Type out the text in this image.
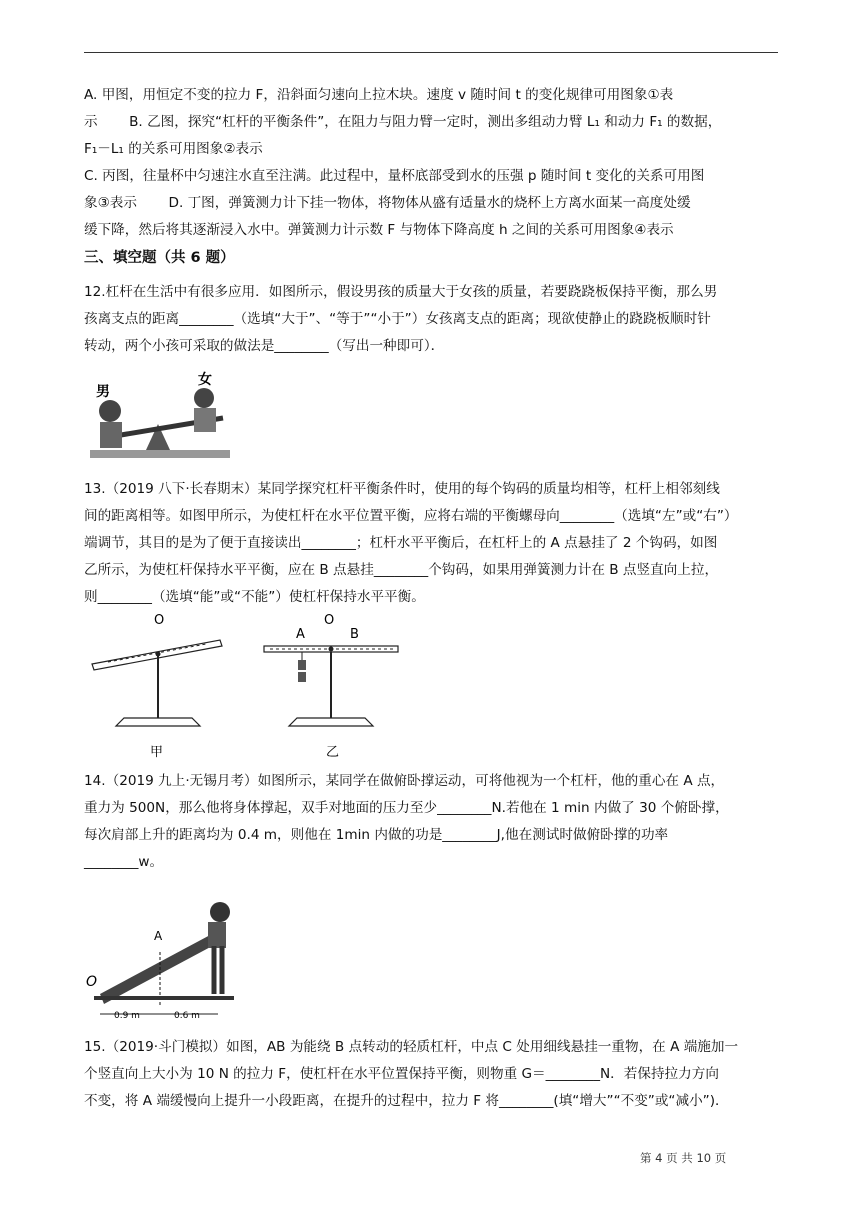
A. 甲图，用恒定不变的拉力 F，沿斜面匀速向上拉木块。速度 v 随时间 t 的变化规律可用图象①表
示　　 B. 乙图，探究“杠杆的平衡条件”，在阻力与阻力臂一定时，测出多组动力臂 L₁ 和动力 F₁ 的数据，
F₁－L₁ 的关系可用图象②表示
C. 丙图，往量杯中匀速注水直至注满。此过程中，量杯底部受到水的压强 p 随时间 t 变化的关系可用图
象③表示　　 D. 丁图，弹簧测力计下挂一物体，将物体从盛有适量水的烧杯上方离水面某一高度处缓
缓下降，然后将其逐渐浸入水中。弹簧测力计示数 F 与物体下降高度 h 之间的关系可用图象④表示
三、填空题（共 6 题）
12.杠杆在生活中有很多应用．如图所示，假设男孩的质量大于女孩的质量，若要跷跷板保持平衡，那么男
孩离支点的距离________（选填“大于”、“等于”“小于”）女孩离支点的距离；现欲使静止的跷跷板顺时针
转动，两个小孩可采取的做法是________（写出一种即可）．
男
女
13.（2019 八下·长春期末）某同学探究杠杆平衡条件时，使用的每个钩码的质量均相等，杠杆上相邻刻线
间的距离相等。如图甲所示，为使杠杆在水平位置平衡，应将右端的平衡螺母向________（选填“左”或“右”）
端调节，其目的是为了便于直接读出________；杠杆水平平衡后，在杠杆上的 A 点悬挂了 2 个钩码，如图
乙所示，为使杠杆保持水平平衡，应在 B 点悬挂________个钩码，如果用弹簧测力计在 B 点竖直向上拉，
则________（选填“能”或“不能”）使杠杆保持水平平衡。
O
甲
A
O
B
乙
14.（2019 九上·无锡月考）如图所示，某同学在做俯卧撑运动，可将他视为一个杠杆，他的重心在 A 点，
重力为 500N，那么他将身体撑起，双手对地面的压力至少________N.若他在 1 min 内做了 30 个俯卧撑，
每次肩部上升的距离均为 0.4 m，则他在 1min 内做的功是________J,他在测试时做俯卧撑的功率
________w。
O
A
0.9 m	0.6 m
15.（2019·斗门模拟）如图，AB 为能绕 B 点转动的轻质杠杆，中点 C 处用细线悬挂一重物，在 A 端施加一
个竖直向上大小为 10 N 的拉力 F，使杠杆在水平位置保持平衡，则物重 G＝________N．若保持拉力方向
不变，将 A 端缓慢向上提升一小段距离，在提升的过程中，拉力 F 将________(填“增大”“不变”或“减小”)．
第 4 页 共 10 页
